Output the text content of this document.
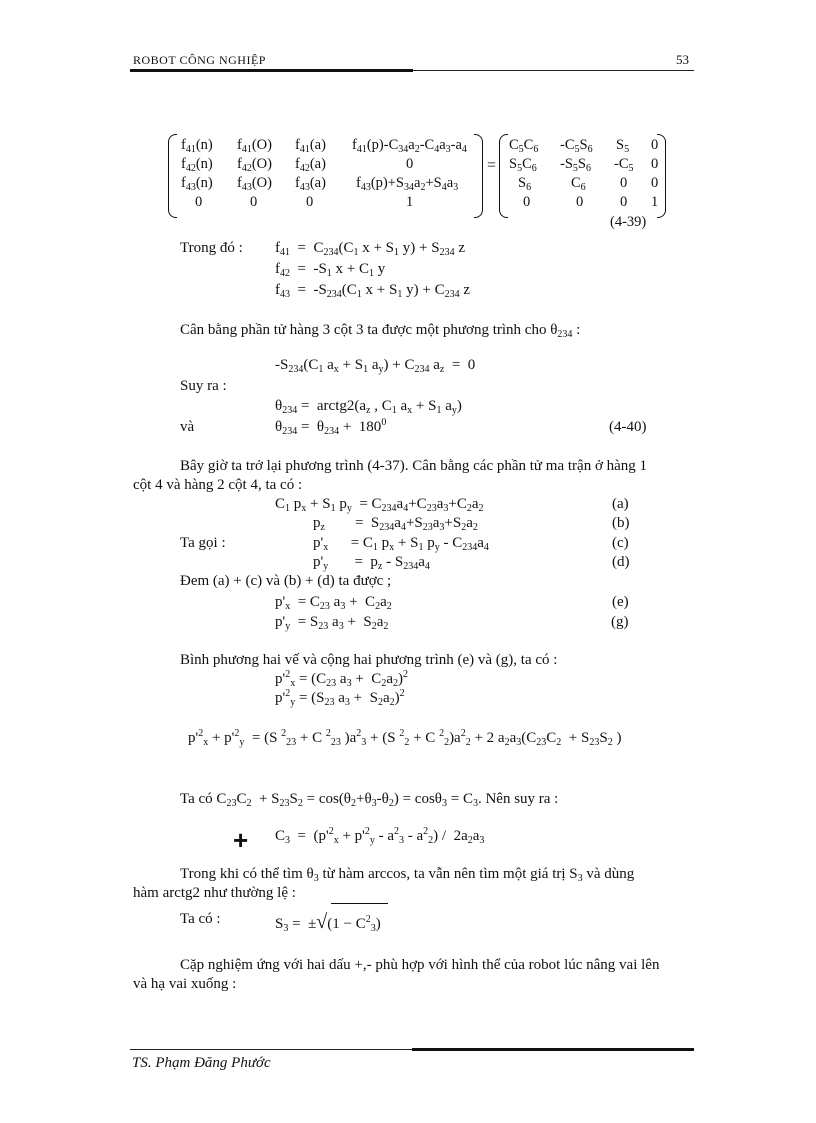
ROBOT CÔNG NGHIỆP	53
$f_{41}(n)$ $f_{41}(O)$ $f_{41}(a)$ $f_{41}(p)-C_{34}a_2-C_4a_3-a_4$
$f_{42}(n)$ $f_{42}(O)$ $f_{42}(a)$	0
$f_{43}(n)$ $f_{43}(O)$ $f_{43}(a)$ $f_{43}(p)+S_{34}a_2+S_4a_3$
0	0	0	1
=
$C_5C_6$ $-C_5S_6$ $S_5$ 0
$S_5C_6$ $-S_5S_6$ $-C_5$ 0
$S_6$	$C_6$ 0 0
0	0	0 1
(4-39)
Trong đó : $f_{41} = C_{234}(C_1$ $x + S_1$ $y) + S_{234}$ z
$f_{42} = -S_1$ $x + C_1$ y
$f_{43} = -S_{234}(C_1$ $x + S_1$ $y) + C_{234}$ z
Cân bằng phần tử hàng 3 cột 3 ta được một phương trình cho $\theta_{234}$ :
$-S_{234}(C_1$ $a_x + S_1$ $a_y) + C_{234}$ $a_z = 0$
Suy ra :
$\theta_{234}$ =  $arctg2(a_z$ , $C_1$ $a_x + S_1$ $a_y$)
và	$\theta_{234} = \theta_{234} + 180^0$	(4-40)
Bây giờ ta trở lại phương trình (4-37). Cân bằng các phần tử ma trận ở hàng 1
cột 4 và hàng 2 cột 4, ta có :
$C_1$ $p_x + S_1$ $p_y = C_{234}a_4+C_{23}a_3+C_2a_2$	(a)
$p_z$        =  $S_{234}a_4+S_{23}a_3+S_2a_2$	(b)
Ta gọi :	$p'_x$      = $C_1$ $p_x + S_1$ $p_y - C_{234}a_4$	(c)
$p'_y$       =  $p_z - S_{234}a_4$	(d)
Đem (a) + (c) và (b) + (d) ta được ;
$p'_x = C_{23}$ $a_3 + C_2a_2$	(e)
$p'_y = S_{23}$ $a_3 + S_2a_2$	(g)
Bình phương hai vế và cộng hai phương trình (e) và (g), ta có :
$p'^2_x = (C_{23}$ $a_3 + C_2a_2)^2$
$p'^2_y = (S_{23}$ $a_3 + S_2a_2)^2$
$p'^2_x + p'^2_y = (S$ $^2_{23}$ + C $^2_{23}$ )$a^2_3 + (S$ $^2_2$ + C $^2_2)a^2_2 + 2$ $a_2a_3(C_{23}C_2 + S_{23}S_2$ )
Ta có $C_{23}C_2 + S_{23}S_2 = \cos(\theta_2+\theta_3-\theta_2) = \cos\theta_3 = C_3$. Nên suy ra :
+ $C_3 = (p'^2_x + p'^2_y - a^2_3 - a^2_2) / 2a_2a_3$
Trong khi có thể tìm $\theta_3$ từ hàm arccos, ta vẫn nên tìm một giá trị $S_3$ và dùng
hàm arctg2 như thường lệ :
Ta có :	$S_3 = \pm√(1 - C^2_3)$
Cặp nghiệm ứng với hai dấu +,- phù hợp với hình thể của robot lúc nâng vai lên
và hạ vai xuống :
TS. Phạm Đăng Phước
